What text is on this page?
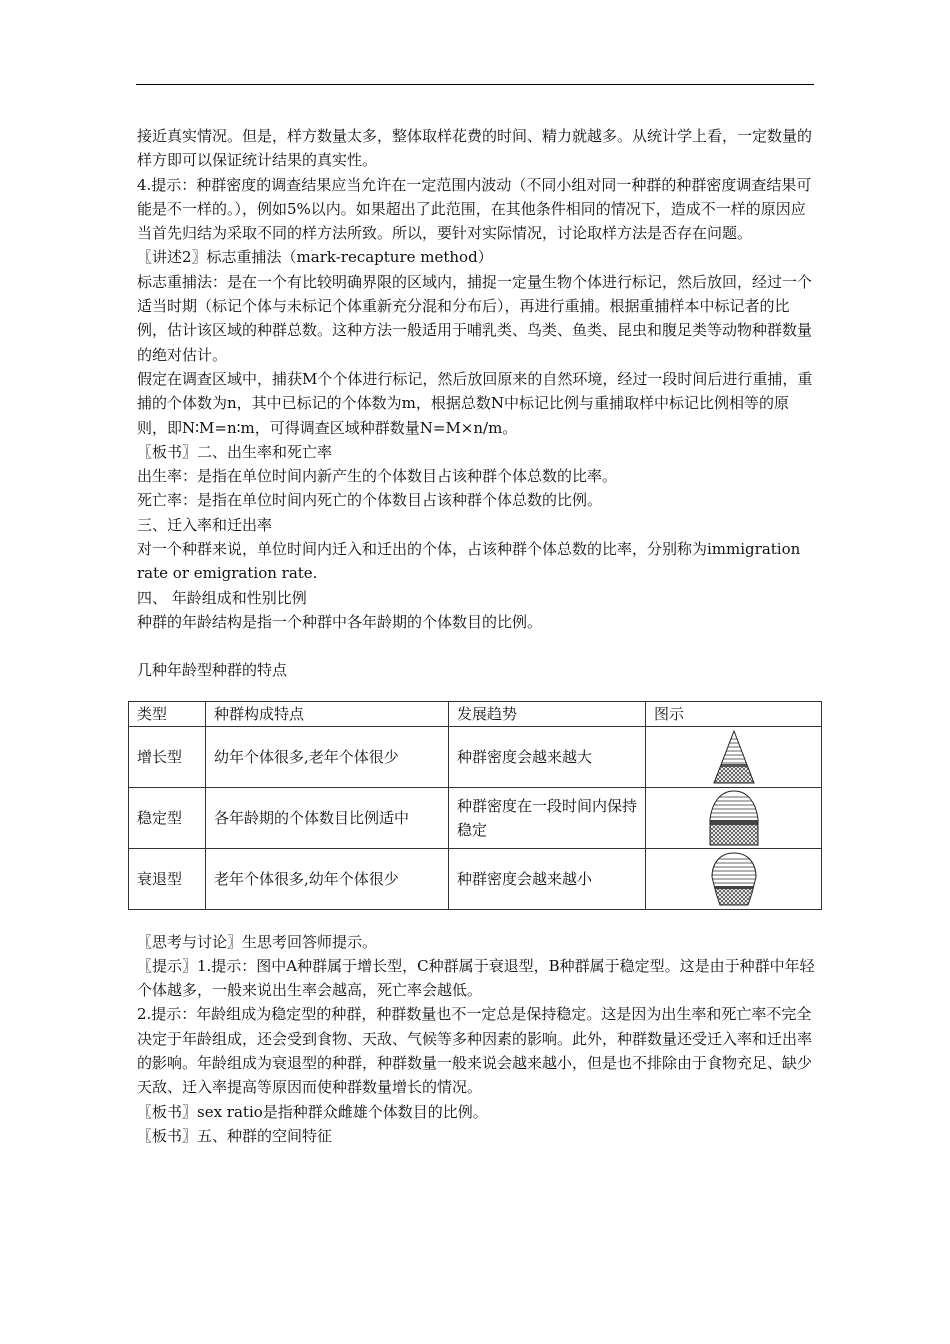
接近真实情况。但是，样方数量太多，整体取样花费的时间、精力就越多。从统计学上看，一定数量的样方即可以保证统计结果的真实性。

4.提示：种群密度的调查结果应当允许在一定范围内波动（不同小组对同一种群的种群密度调查结果可能是不一样的。），例如5%以内。如果超出了此范围，在其他条件相同的情况下，造成不一样的原因应当首先归结为采取不同的样方法所致。所以，要针对实际情况，讨论取样方法是否存在问题。

〖讲述2〗标志重捕法（mark-recapture method）

标志重捕法：是在一个有比较明确界限的区域内，捕捉一定量生物个体进行标记，然后放回，经过一个适当时期（标记个体与未标记个体重新充分混和分布后），再进行重捕。根据重捕样本中标记者的比例，估计该区域的种群总数。这种方法一般适用于哺乳类、鸟类、鱼类、昆虫和腹足类等动物种群数量的绝对估计。

假定在调查区域中，捕获M个个体进行标记，然后放回原来的自然环境，经过一段时间后进行重捕，重捕的个体数为n，其中已标记的个体数为m，根据总数N中标记比例与重捕取样中标记比例相等的原则，即N∶M=n∶m，可得调查区域种群数量N=M×n/m。

〖板书〗二、出生率和死亡率

出生率：是指在单位时间内新产生的个体数目占该种群个体总数的比率。

死亡率：是指在单位时间内死亡的个体数目占该种群个体总数的比例。

三、迁入率和迁出率

对一个种群来说，单位时间内迁入和迁出的个体，占该种群个体总数的比率，分别称为immigration rate or emigration rate.

四、 年龄组成和性别比例

种群的年龄结构是指一个种群中各年龄期的个体数目的比例。

几种年龄型种群的特点

类型	种群构成特点	发展趋势	图示
增长型	幼年个体很多,老年个体很少	种群密度会越来越大	

稳定型	各年龄期的个体数目比例适中	种群密度在一段时间内保持稳定	

衰退型	老年个体很多,幼年个体很少	种群密度会越来越小	

〖思考与讨论〗生思考回答师提示。

〖提示〗1.提示：图中A种群属于增长型，C种群属于衰退型，B种群属于稳定型。这是由于种群中年轻个体越多，一般来说出生率会越高，死亡率会越低。

2.提示：年龄组成为稳定型的种群，种群数量也不一定总是保持稳定。这是因为出生率和死亡率不完全决定于年龄组成，还会受到食物、天敌、气候等多种因素的影响。此外，种群数量还受迁入率和迁出率的影响。年龄组成为衰退型的种群，种群数量一般来说会越来越小，但是也不排除由于食物充足、缺少天敌、迁入率提高等原因而使种群数量增长的情况。

〖板书〗sex ratio是指种群众雌雄个体数目的比例。

〖板书〗五、种群的空间特征
